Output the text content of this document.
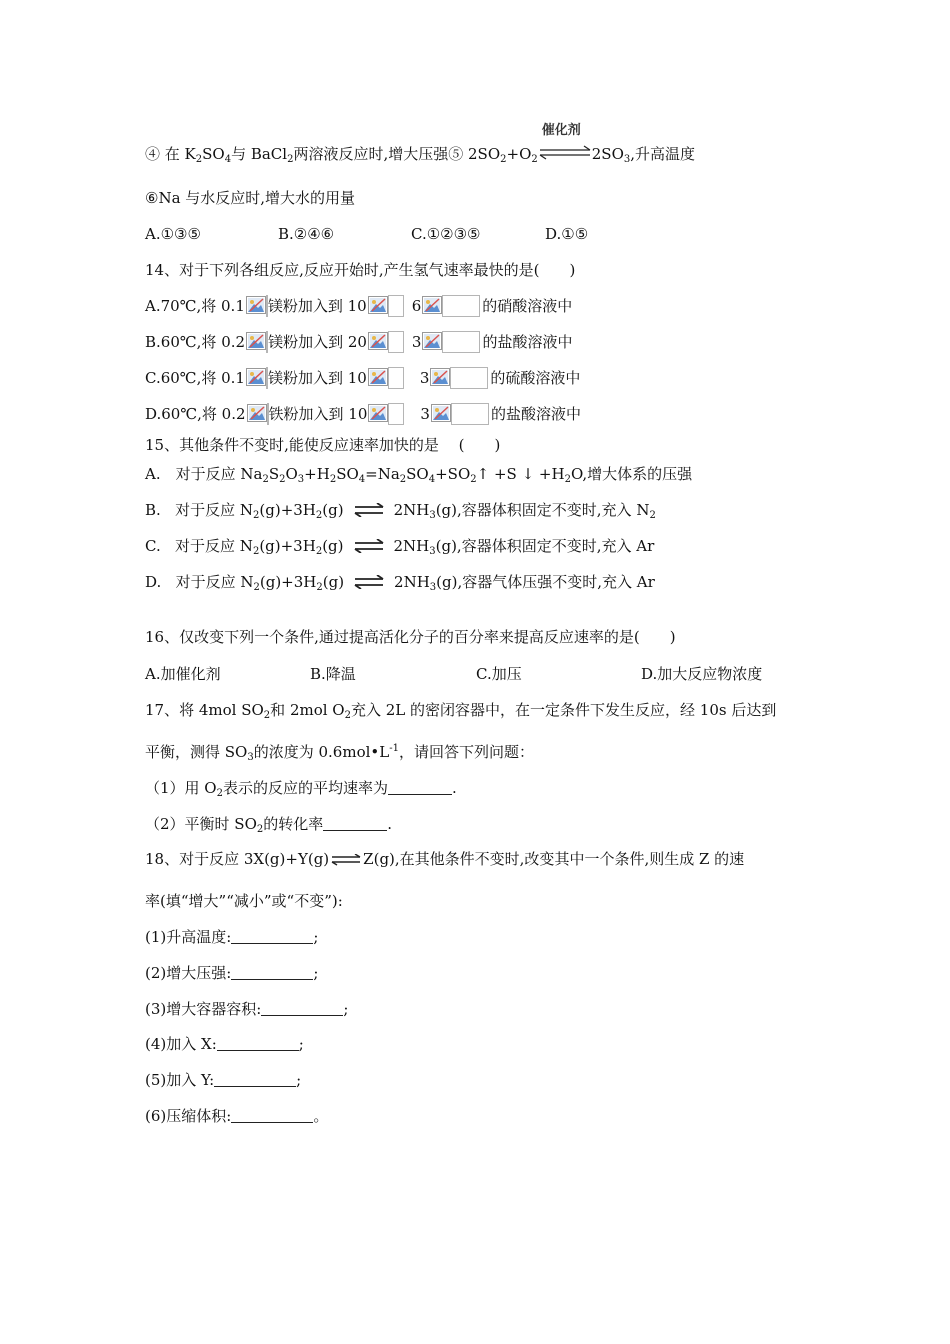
④ 在 $K_2SO_4$与 BaCl$_2$两溶液反应时,增大压强⑤ $2SO_2+O_2$
催化剂
$2SO_3$,升高温度
⑥Na 与水反应时,增大水的用量
A.①③⑤	B.②④⑥	C.①②③⑤	D.①⑤
14、对于下列各组反应,反应开始时,产生氢气速率最快的是(　　)
A.70℃,将 0.1 镁粉加入到 10	6	的硝酸溶液中
B.60℃,将 0.2 镁粉加入到 20	3	的盐酸溶液中
C.60℃,将 0.1 镁粉加入到 10	3	的硫酸溶液中
D.60℃,将 0.2 铁粉加入到 10	3	的盐酸溶液中
15、其他条件不变时,能使反应速率加快的是　 (　　)
A.　对于反应 $Na_2S_2O_3+H_2SO_4=Na_2SO_4+SO_2↑ +S$ ↓ $+H_2O$,增大体系的压强
B. 对于反应 $N_2(g)+3H_2(g)$ ⇌ $2NH_3(g)$,容器体积固定不变时,充入 $N_2$
C. 对于反应 $N_2(g)+3H_2(g)$ ⇌ $2NH_3(g)$,容器体积固定不变时,充入 Ar
D. 对于反应 $N_2(g)+3H_2(g)$ ⇌ $2NH_3(g)$,容器气体压强不变时,充入 Ar
16、仅改变下列一个条件,通过提高活化分子的百分率来提高反应速率的是(　　)
A.加催化剂	B.降温	C.加压	D.加大反应物浓度
17、将 4mol $SO_2$和 2mol $O_2$充入 2L 的密闭容器中，在一定条件下发生反应，经 10s 后达到
平衡，测得 $SO_3$的浓度为 $0.6mol•L^{-1}$，请回答下列问题：
（1）用 $O_2$表示的反应的平均速率为	.
（2）平衡时 $SO_2$的转化率	.
18、对于反应 3X(g)+Y(g) ⇌ Z(g),在其他条件不变时,改变其中一个条件,则生成 Z 的速
率(填“增大”“减小”或“不变”):
(1)升高温度:	;
(2)增大压强:	;
(3)增大容器容积:	;
(4)加入 X:	;
(5)加入 Y:	;
(6)压缩体积:	。
